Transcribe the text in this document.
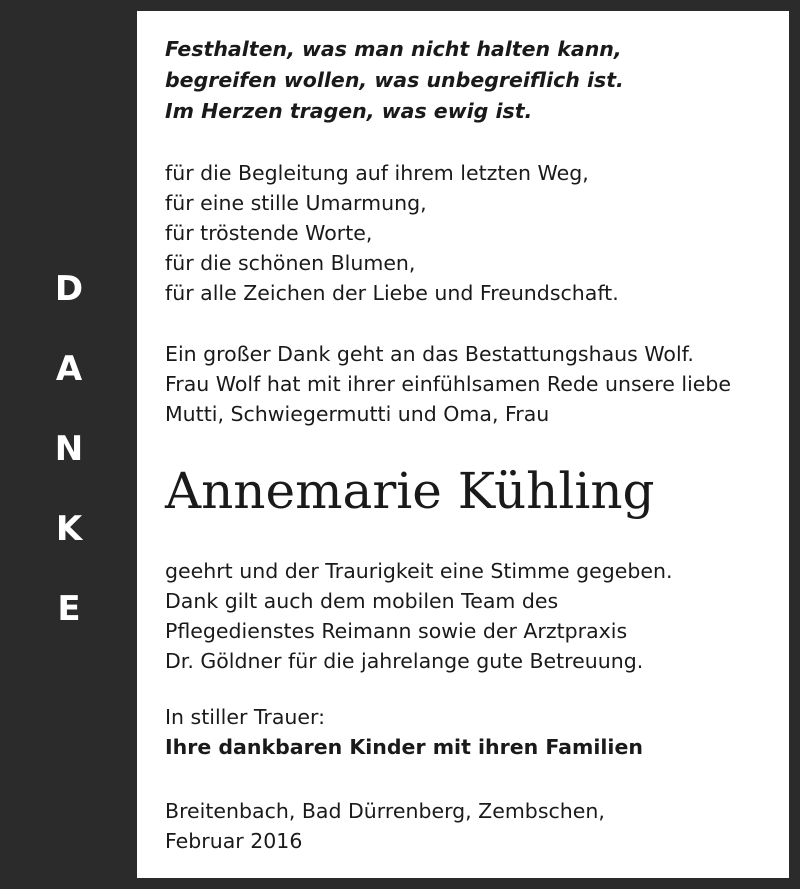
D
A
N
K
E
Festhalten, was man nicht halten kann,
begreifen wollen, was unbegreiflich ist.
Im Herzen tragen, was ewig ist.
für die Begleitung auf ihrem letzten Weg,
für eine stille Umarmung,
für tröstende Worte,
für die schönen Blumen,
für alle Zeichen der Liebe und Freundschaft.
Ein großer Dank geht an das Bestattungshaus Wolf.
Frau Wolf hat mit ihrer einfühlsamen Rede unsere liebe
Mutti, Schwiegermutti und Oma, Frau
Annemarie Kühling
geehrt und der Traurigkeit eine Stimme gegeben.
Dank gilt auch dem mobilen Team des
Pflegedienstes Reimann sowie der Arztpraxis
Dr. Göldner für die jahrelange gute Betreuung.
In stiller Trauer:
Ihre dankbaren Kinder mit ihren Familien
Breitenbach, Bad Dürrenberg, Zembschen,
Februar 2016
